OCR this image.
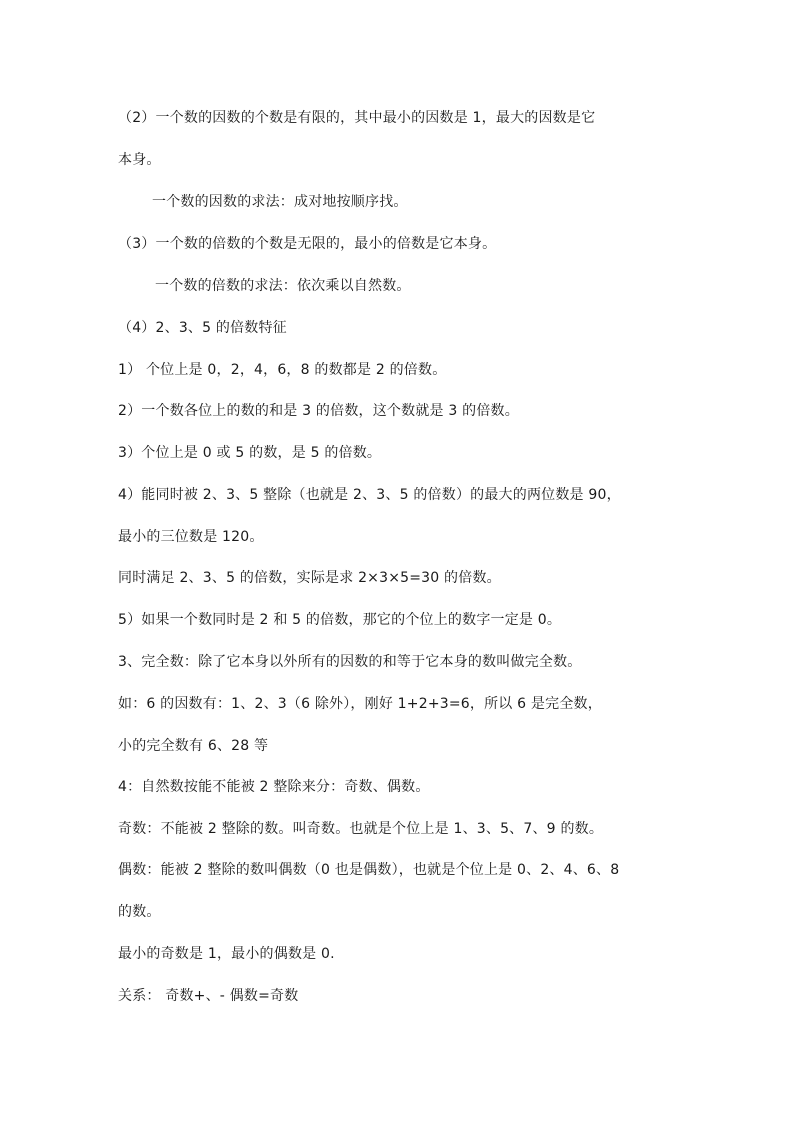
（2）一个数的因数的个数是有限的，其中最小的因数是 1，最大的因数是它
本身。
一个数的因数的求法：成对地按顺序找。
（3）一个数的倍数的个数是无限的，最小的倍数是它本身。
一个数的倍数的求法：依次乘以自然数。
（4）2、3、5 的倍数特征
1） 个位上是 0，2，4，6，8 的数都是 2 的倍数。
2）一个数各位上的数的和是 3 的倍数，这个数就是 3 的倍数。
3）个位上是 0 或 5 的数，是 5 的倍数。
4）能同时被 2、3、5 整除（也就是 2、3、5 的倍数）的最大的两位数是 90，
最小的三位数是 120。
同时满足 2、3、5 的倍数，实际是求 2×3×5=30 的倍数。
5）如果一个数同时是 2 和 5 的倍数，那它的个位上的数字一定是 0。
3、完全数：除了它本身以外所有的因数的和等于它本身的数叫做完全数。
如：6 的因数有：1、2、3（6 除外），刚好 1+2+3=6，所以 6 是完全数，
小的完全数有 6、28 等
4：自然数按能不能被 2 整除来分：奇数、偶数。
奇数：不能被 2 整除的数。叫奇数。也就是个位上是 1、3、5、7、9 的数。
偶数：能被 2 整除的数叫偶数（0 也是偶数），也就是个位上是 0、2、4、6、8
的数。
最小的奇数是 1，最小的偶数是 0.
关系： 奇数+、- 偶数=奇数
